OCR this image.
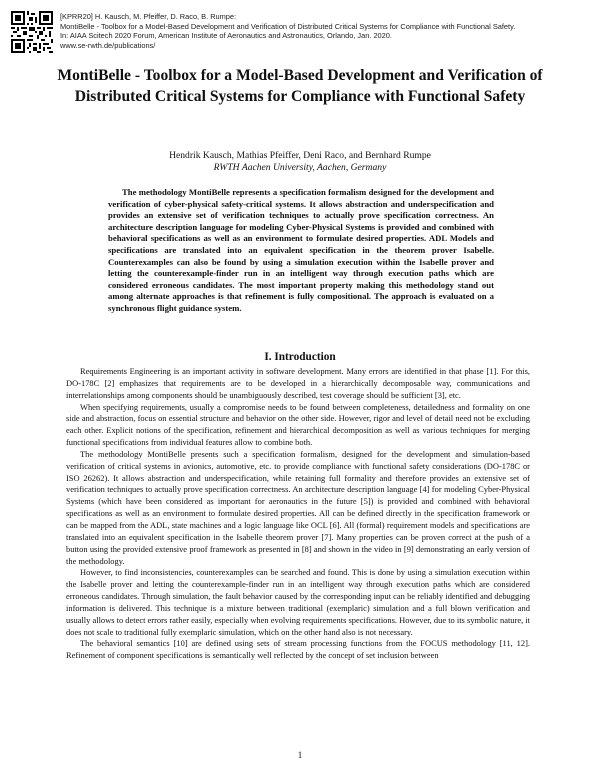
[KPRR20] H. Kausch, M. Pfeiffer, D. Raco, B. Rumpe:
MontiBelle - Toolbox for a Model-Based Development and Verification of Distributed Critical Systems for Compliance with Functional Safety.
In: AIAA Scitech 2020 Forum, American Institute of Aeronautics and Astronautics, Orlando, Jan. 2020.
www.se-rwth.de/publications/
MontiBelle - Toolbox for a Model-Based Development and Verification of Distributed Critical Systems for Compliance with Functional Safety
Hendrik Kausch, Mathias Pfeiffer, Deni Raco, and Bernhard Rumpe
RWTH Aachen University, Aachen, Germany

The methodology MontiBelle represents a specification formalism designed for the development and verification of cyber-physical safety-critical systems. It allows abstraction and underspecification and provides an extensive set of verification techniques to actually prove specification correctness. An architecture description language for modeling Cyber-Physical Systems is provided and combined with behavioral specifications as well as an environment to formulate desired properties. ADL Models and specifications are translated into an equivalent specification in the theorem prover Isabelle. Counterexamples can also be found by using a simulation execution within the Isabelle prover and letting the counterexample-finder run in an intelligent way through execution paths which are considered erroneous candidates. The most important property making this methodology stand out among alternate approaches is that refinement is fully compositional. The approach is evaluated on a synchronous flight guidance system.

I. Introduction

Requirements Engineering is an important activity in software development. Many errors are identified in that phase [1]. For this, DO-178C [2] emphasizes that requirements are to be developed in a hierarchically decomposable way, communications and interrelationships among components should be unambiguously described, test coverage should be sufficient [3], etc.

When specifying requirements, usually a compromise needs to be found between completeness, detailedness and formality on one side and abstraction, focus on essential structure and behavior on the other side. However, rigor and level of detail need not be excluding each other. Explicit notions of the specification, refinement and hierarchical decomposition as well as various techniques for merging functional specifications from individual features allow to combine both.

The methodology MontiBelle presents such a specification formalism, designed for the development and simulation-based verification of critical systems in avionics, automotive, etc. to provide compliance with functional safety considerations (DO-178C or ISO 26262). It allows abstraction and underspecification, while retaining full formality and therefore provides an extensive set of verification techniques to actually prove specification correctness. An architecture description language [4] for modeling Cyber-Physical Systems (which have been considered as important for aeronautics in the future [5]) is provided and combined with behavioral specifications as well as an environment to formulate desired properties. All can be defined directly in the specification framework or can be mapped from the ADL, state machines and a logic language like OCL [6]. All (formal) requirement models and specifications are translated into an equivalent specification in the Isabelle theorem prover [7]. Many properties can be proven correct at the push of a button using the provided extensive proof framework as presented in [8] and shown in the video in [9] demonstrating an early version of the methodology.

However, to find inconsistencies, counterexamples can be searched and found. This is done by using a simulation execution within the Isabelle prover and letting the counterexample-finder run in an intelligent way through execution paths which are considered erroneous candidates. Through simulation, the fault behavior caused by the corresponding input can be reliably identified and debugging information is delivered. This technique is a mixture between traditional (exemplaric) simulation and a full blown verification and usually allows to detect errors rather easily, especially when evolving requirements specifications. However, due to its symbolic nature, it does not scale to traditional fully exemplaric simulation, which on the other hand also is not necessary.

The behavioral semantics [10] are defined using sets of stream processing functions from the FOCUS methodology [11, 12]. Refinement of component specifications is semantically well reflected by the concept of set inclusion between

1
